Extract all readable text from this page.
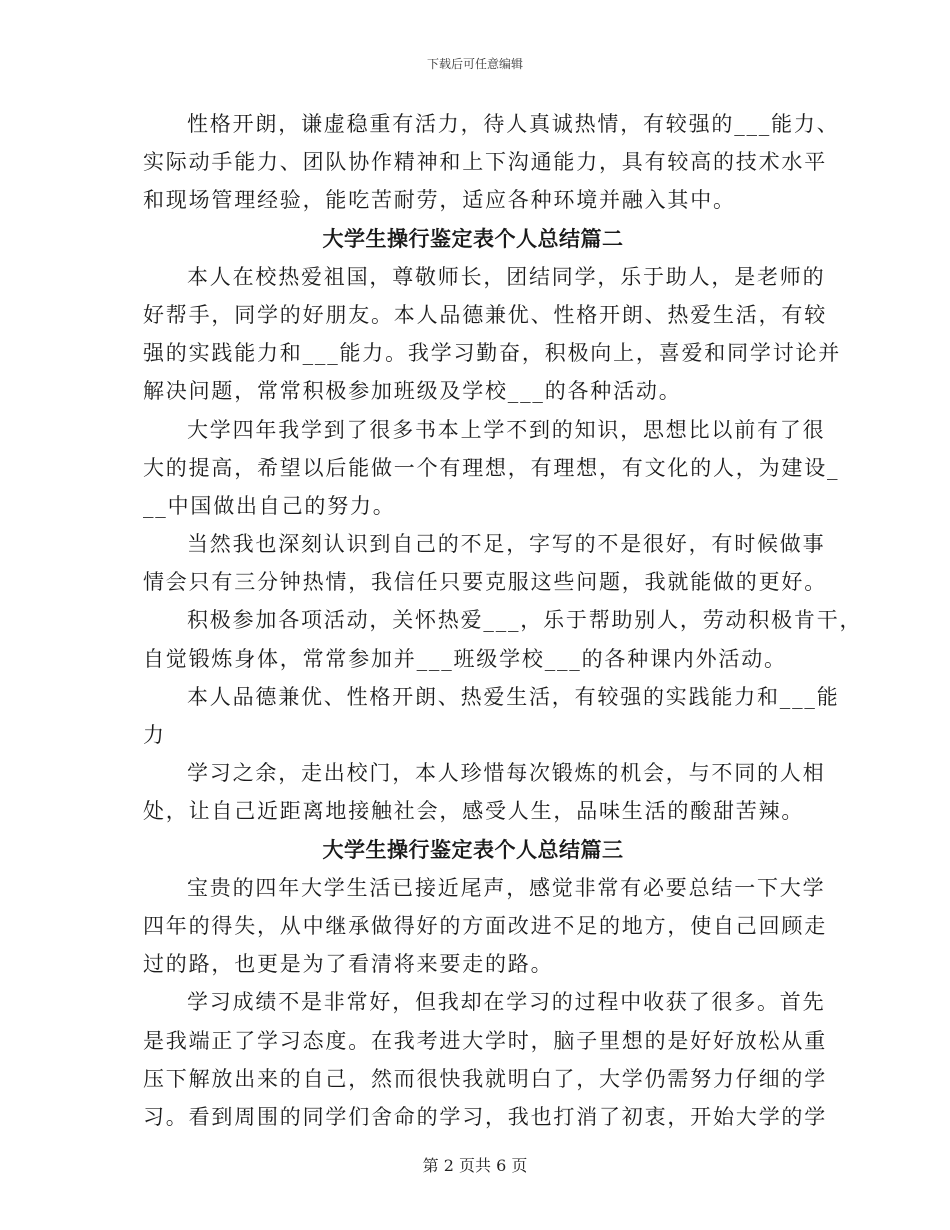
下载后可任意编辑
性格开朗，谦虚稳重有活力，待人真诚热情，有较强的___能力、
实际动手能力、团队协作精神和上下沟通能力，具有较高的技术水平
和现场管理经验，能吃苦耐劳，适应各种环境并融入其中。
大学生操行鉴定表个人总结篇二
本人在校热爱祖国，尊敬师长，团结同学，乐于助人，是老师的
好帮手，同学的好朋友。本人品德兼优、性格开朗、热爱生活，有较
强的实践能力和___能力。我学习勤奋，积极向上，喜爱和同学讨论并
解决问题，常常积极参加班级及学校___的各种活动。
大学四年我学到了很多书本上学不到的知识，思想比以前有了很
大的提高，希望以后能做一个有理想，有理想，有文化的人，为建设_
__中国做出自己的努力。
当然我也深刻认识到自己的不足，字写的不是很好，有时候做事
情会只有三分钟热情，我信任只要克服这些问题，我就能做的更好。
积极参加各项活动，关怀热爱___，乐于帮助别人，劳动积极肯干，
自觉锻炼身体，常常参加并___班级学校___的各种课内外活动。
本人品德兼优、性格开朗、热爱生活，有较强的实践能力和___能
力
学习之余，走出校门，本人珍惜每次锻炼的机会，与不同的人相
处，让自己近距离地接触社会，感受人生，品味生活的酸甜苦辣。
大学生操行鉴定表个人总结篇三
宝贵的四年大学生活已接近尾声，感觉非常有必要总结一下大学
四年的得失，从中继承做得好的方面改进不足的地方，使自己回顾走
过的路，也更是为了看清将来要走的路。
学习成绩不是非常好，但我却在学习的过程中收获了很多。首先
是我端正了学习态度。在我考进大学时，脑子里想的是好好放松从重
压下解放出来的自己，然而很快我就明白了，大学仍需努力仔细的学
习。看到周围的同学们舍命的学习，我也打消了初衷，开始大学的学
第 2 页共 6 页
